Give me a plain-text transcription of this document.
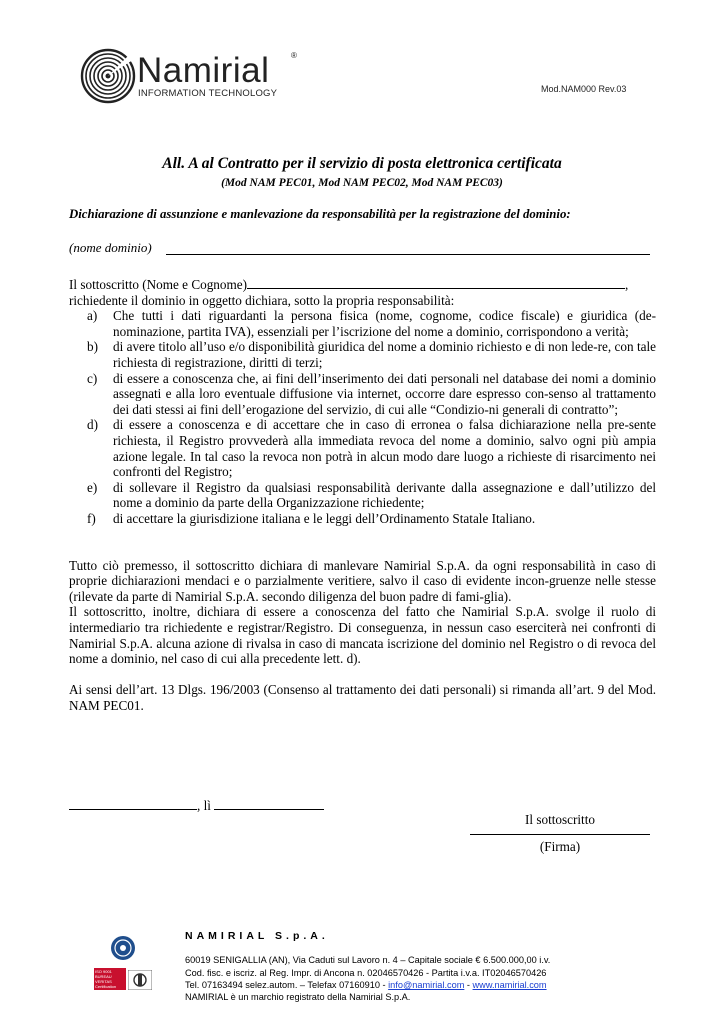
Namirial	®
INFORMATION TECHNOLOGY	Mod.NAM000 Rev.03
All. A al Contratto per il servizio di posta elettronica certificata
(Mod NAM PEC01, Mod NAM PEC02, Mod NAM PEC03)
Dichiarazione di assunzione e manlevazione da responsabilità per la registrazione del dominio:
(nome dominio)

Il sottoscritto (Nome e Cognome)	,

richiedente il dominio in oggetto dichiara, sotto la propria responsabilità:

a) Che tutti i dati riguardanti la persona fisica (nome, cognome, codice fiscale) e giuridica (de-nominazione, partita IVA), essenziali per l’iscrizione del nome a dominio, corrispondono a verità;
b) di avere titolo all’uso e/o disponibilità giuridica del nome a dominio richiesto e di non lede-re, con tale richiesta di registrazione, diritti di terzi;
c) di essere a conoscenza che, ai fini dell’inserimento dei dati personali nel database dei nomi a dominio assegnati e alla loro eventuale diffusione via internet, occorre dare espresso con-senso al trattamento dei dati stessi ai fini dell’erogazione del servizio, di cui alle “Condizio-ni generali di contratto”;
d) di essere a conoscenza e di accettare che in caso di erronea o falsa dichiarazione nella pre-sente richiesta, il Registro provvederà alla immediata revoca del nome a dominio, salvo ogni più ampia azione legale. In tal caso la revoca non potrà in alcun modo dare luogo a richieste di risarcimento nei confronti del Registro;
e) di sollevare il Registro da qualsiasi responsabilità derivante dalla assegnazione e dall’utilizzo del nome a dominio da parte della Organizzazione richiedente;
f) di accettare la giurisdizione italiana e le leggi dell’Ordinamento Statale Italiano.

Tutto ciò premesso, il sottoscritto dichiara di manlevare Namirial S.p.A. da ogni responsabilità in caso di proprie dichiarazioni mendaci e o parzialmente veritiere, salvo il caso di evidente incon-gruenze nelle stesse (rilevate da parte di Namirial S.p.A. secondo diligenza del buon padre di fami-glia).

Il sottoscritto, inoltre, dichiara di essere a conoscenza del fatto che Namirial S.p.A. svolge il ruolo di intermediario tra richiedente e registrar/Registro. Di conseguenza, in nessun caso eserciterà nei confronti di Namirial S.p.A. alcuna azione di rivalsa in caso di mancata iscrizione del dominio nel Registro o di revoca del nome a dominio, nel caso di cui alla precedente lett. d).

Ai sensi dell’art. 13 Dlgs. 196/2003 (Consenso al trattamento dei dati personali) si rimanda all’art. 9 del Mod. NAM PEC01.

, lì
Il sottoscritto
(Firma)
ISO 9001 BUREAU VERITAS Certification
NAMIRIAL S.p.A.
60019 SENIGALLIA (AN), Via Caduti sul Lavoro n. 4 – Capitale sociale € 6.500.000,00 i.v.
Cod. fisc. e iscriz. al Reg. Impr. di Ancona n. 02046570426 - Partita i.v.a. IT02046570426
Tel. 07163494 selez.autom. – Telefax 07160910 - info@namirial.com - www.namirial.com
NAMIRIAL è un marchio registrato della Namirial S.p.A.
